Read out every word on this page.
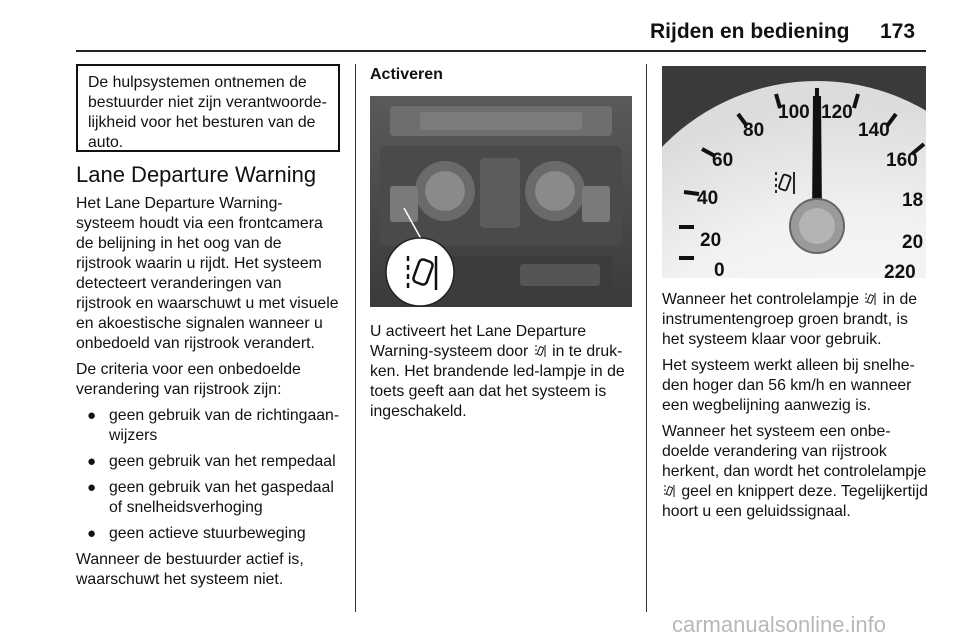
Rijden en bediening 173
De hulpsystemen ontnemen de bestuurder niet zijn verantwoordelijkheid voor het besturen van de auto.
Lane Departure Warning

Het Lane Departure Warning-systeem houdt via een frontcamera de belijning in het oog van de rijstrook waarin u rijdt. Het systeem detecteert veranderingen van rijstrook en waarschuwt u met visuele en akoestische signalen wanneer u onbedoeld van rijstrook verandert.

De criteria voor een onbedoelde verandering van rijstrook zijn:

● geen gebruik van de richtingaanwijzers
● geen gebruik van het rempedaal
● geen gebruik van het gaspedaal of snelheidsverhoging
● geen actieve stuurbeweging

Wanneer de bestuurder actief is, waarschuwt het systeem niet.

Activeren

U activeert het Lane Departure Warning-systeem door in te drukken. Het brandende led-lampje in de toets geeft aan dat het systeem is ingeschakeld.

0
20
40
60
80
100 120
140
160
18
20
220

Wanneer het controlelampje in de instrumentengroep groen brandt, is het systeem klaar voor gebruik.

Het systeem werkt alleen bij snelheden hoger dan 56 km/h en wanneer een wegbelijning aanwezig is.

Wanneer het systeem een onbedoelde verandering van rijstrook herkent, dan wordt het controlelampje  geel en knippert deze. Tegelijkertijd hoort u een geluidssignaal.

carmanualsonline.info
